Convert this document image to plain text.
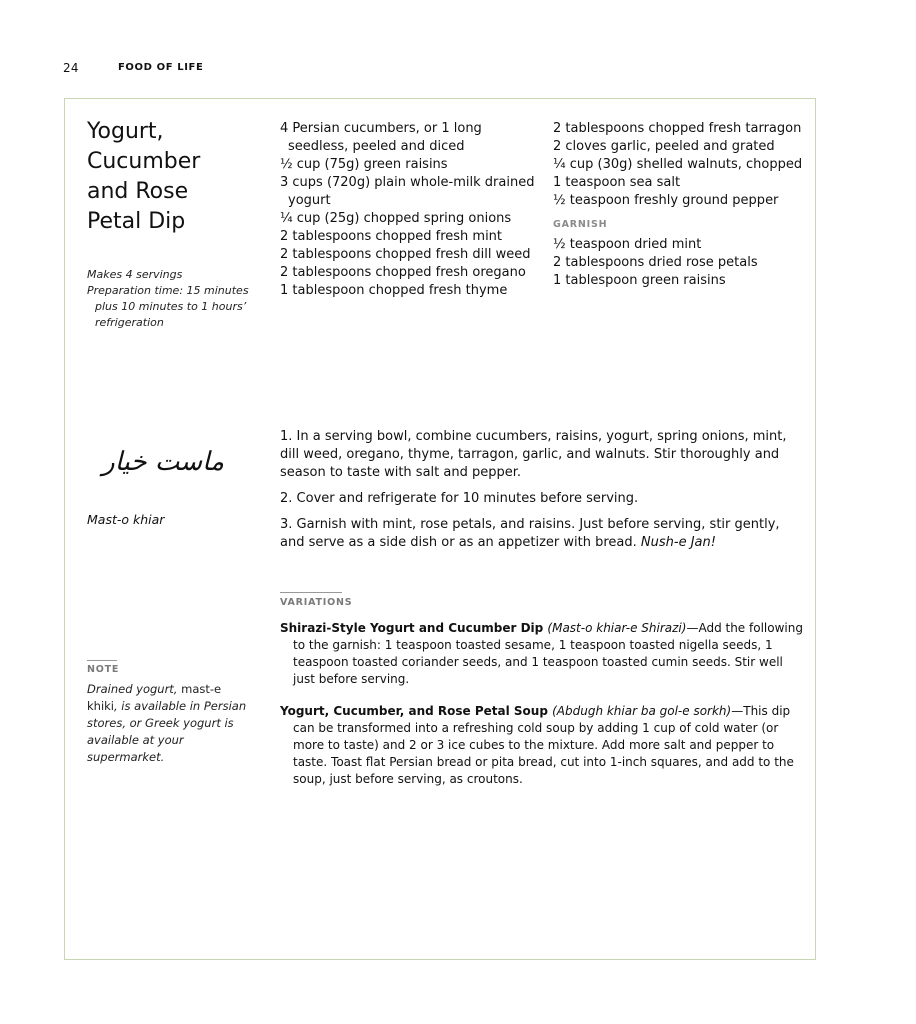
24	FOOD OF LIFE
Yogurt,
Cucumber
and Rose
Petal Dip
Makes 4 servings
Preparation time: 15 minutes plus 10 minutes to 1 hours’ refrigeration
4 Persian cucumbers, or 1 long seedless, peeled and diced
½ cup (75g) green raisins
3 cups (720g) plain whole-milk drained yogurt
¼ cup (25g) chopped spring onions
2 tablespoons chopped fresh mint
2 tablespoons chopped fresh dill weed
2 tablespoons chopped fresh oregano
1 tablespoon chopped fresh thyme
2 tablespoons chopped fresh tarragon
2 cloves garlic, peeled and grated
¼ cup (30g) shelled walnuts, chopped
1 teaspoon sea salt
½ teaspoon freshly ground pepper
GARNISH
½ teaspoon dried mint
2 tablespoons dried rose petals
1 tablespoon green raisins
ماست خیار
Mast-o khiar

1. In a serving bowl, combine cucumbers, raisins, yogurt, spring onions, mint, dill weed, oregano, thyme, tarragon, garlic, and walnuts. Stir thoroughly and season to taste with salt and pepper.

2. Cover and refrigerate for 10 minutes before serving.

3. Garnish with mint, rose petals, and raisins. Just before serving, stir gently, and serve as a side dish or as an appetizer with bread. Nush-e Jan!

VARIATIONS

Shirazi-Style Yogurt and Cucumber Dip (Mast-o khiar-e Shirazi)—Add the following to the garnish: 1 teaspoon toasted sesame, 1 teaspoon toasted nigella seeds, 1 teaspoon toasted coriander seeds, and 1 teaspoon toasted cumin seeds. Stir well just before serving.

Yogurt, Cucumber, and Rose Petal Soup (Abdugh khiar ba gol-e sorkh)—This dip can be transformed into a refreshing cold soup by adding 1 cup of cold water (or more to taste) and 2 or 3 ice cubes to the mixture. Add more salt and pepper to taste. Toast flat Persian bread or pita bread, cut into 1-inch squares, and add to the soup, just before serving, as croutons.

NOTE
Drained yogurt, mast-e khiki, is available in Persian stores, or Greek yogurt is available at your supermarket.
